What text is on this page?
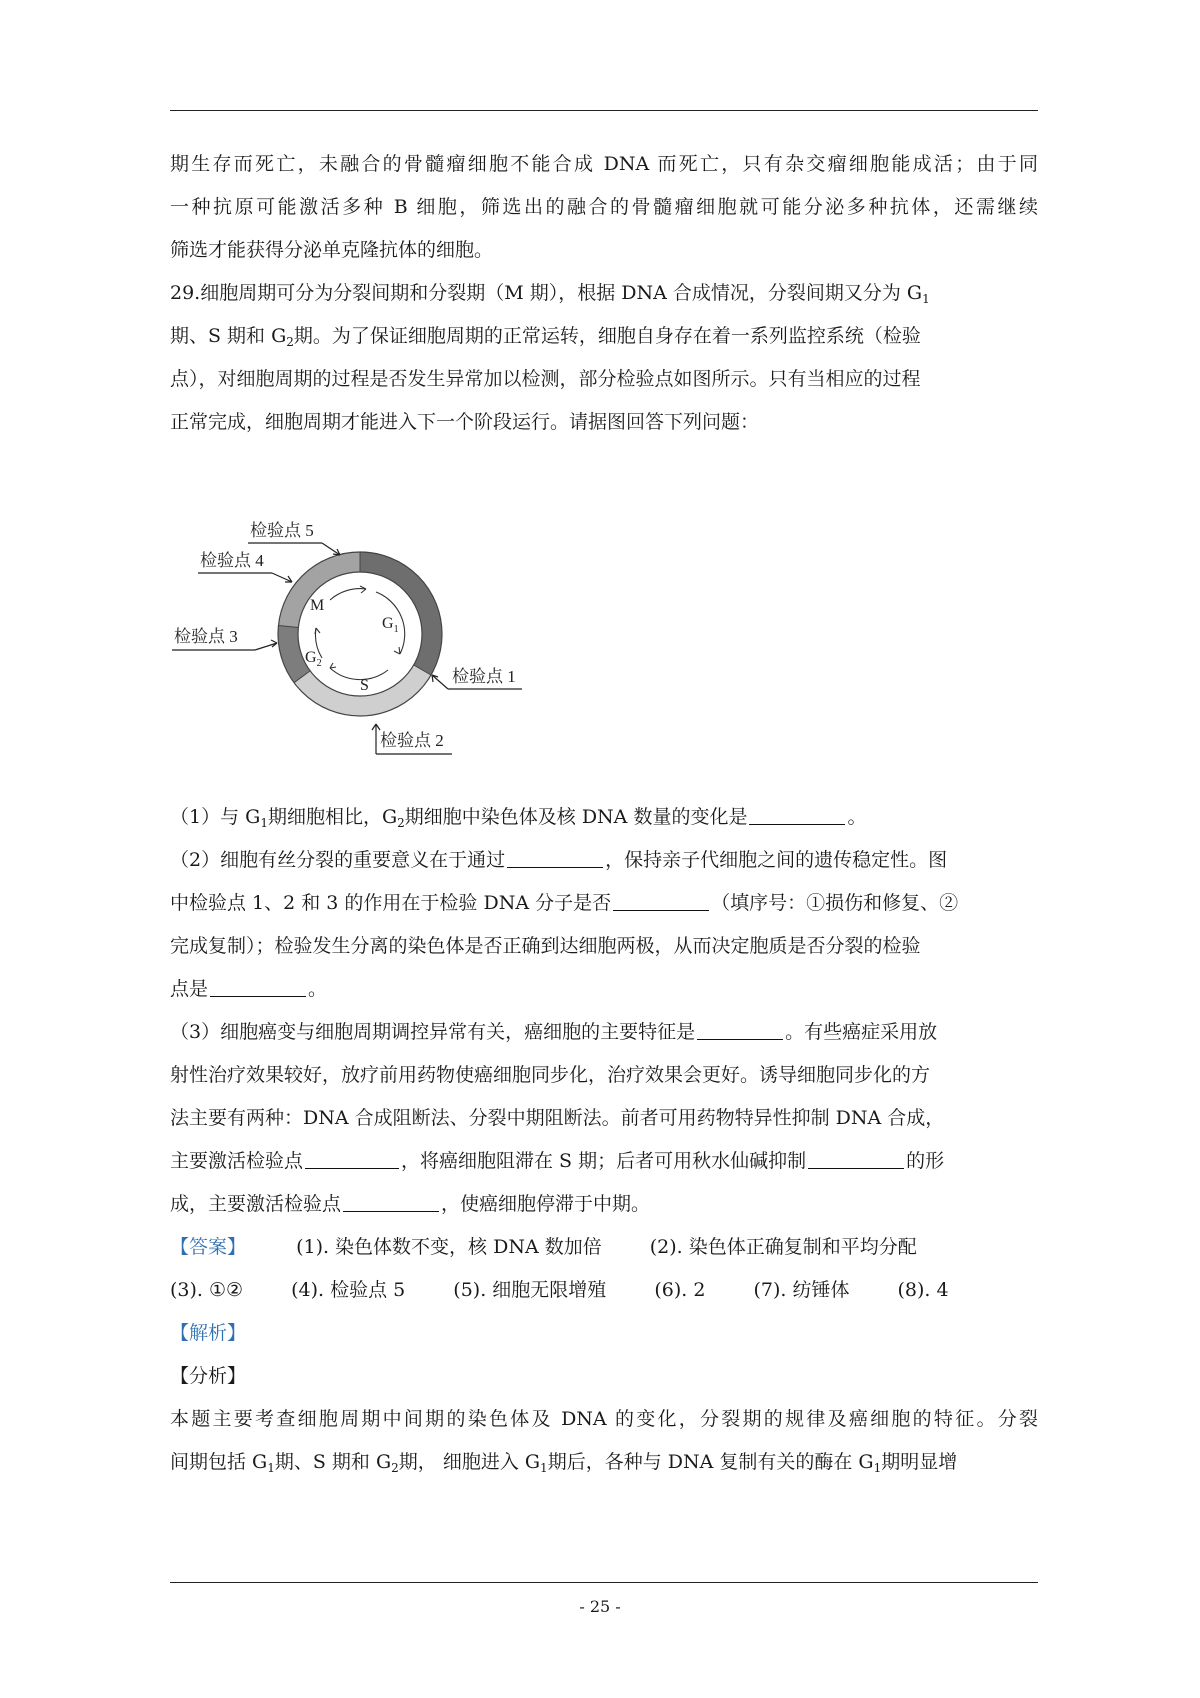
期生存而死亡，未融合的骨髓瘤细胞不能合成 DNA 而死亡，只有杂交瘤细胞能成活；由于同
一种抗原可能激活多种 B 细胞，筛选出的融合的骨髓瘤细胞就可能分泌多种抗体，还需继续
筛选才能获得分泌单克隆抗体的细胞。
29.细胞周期可分为分裂间期和分裂期（M 期），根据 DNA 合成情况，分裂间期又分为 $G_1$
期、S 期和 $G_2$期。为了保证细胞周期的正常运转，细胞自身存在着一系列监控系统（检验
点），对细胞周期的过程是否发生异常加以检测，部分检验点如图所示。只有当相应的过程
正常完成，细胞周期才能进入下一个阶段运行。请据图回答下列问题：
M
$G_1$
$G_2$
S
检验点 5
检验点 4
检验点 3
检验点 1
检验点 2
（1）与 $G_1$期细胞相比，$G_2$期细胞中染色体及核 DNA 数量的变化是	。
（2）细胞有丝分裂的重要意义在于通过	，保持亲子代细胞之间的遗传稳定性。图
中检验点 1、2 和 3 的作用在于检验 DNA 分子是否	（填序号：①损伤和修复、②
完成复制）；检验发生分离的染色体是否正确到达细胞两极，从而决定胞质是否分裂的检验
点是	。
（3）细胞癌变与细胞周期调控异常有关，癌细胞的主要特征是	。有些癌症采用放
射性治疗效果较好，放疗前用药物使癌细胞同步化，治疗效果会更好。诱导细胞同步化的方
法主要有两种：DNA 合成阻断法、分裂中期阻断法。前者可用药物特异性抑制 DNA 合成，
主要激活检验点	，将癌细胞阻滞在 S 期；后者可用秋水仙碱抑制	的形
成，主要激活检验点	，使癌细胞停滞于中期。
【答案】	(1). 染色体数不变，核 DNA 数加倍	(2). 染色体正确复制和平均分配
(3). ①②	(4). 检验点 5	(5). 细胞无限增殖	(6). 2	(7). 纺锤体	(8). 4
【解析】
【分析】
本题主要考查细胞周期中间期的染色体及 DNA 的变化，分裂期的规律及癌细胞的特征。分裂
间期包括 $G_1$期、S 期和 $G_2$期， 细胞进入 $G_1$期后，各种与 DNA 复制有关的酶在 $G_1$期明显增
- 25 -
